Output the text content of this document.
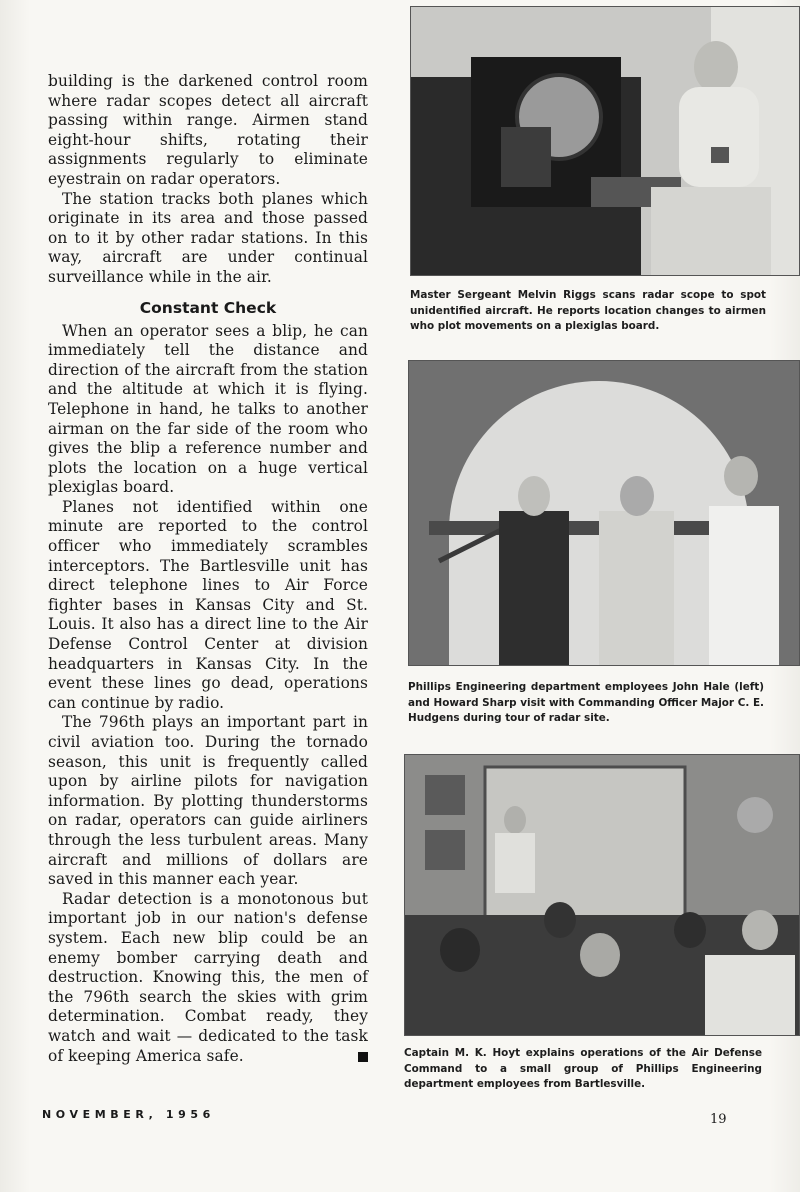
building is the darkened control room where radar scopes detect all aircraft passing within range. Airmen stand eight-hour shifts, rotating their assignments regularly to eliminate eyestrain on radar operators.

The station tracks both planes which originate in its area and those passed on to it by other radar stations. In this way, aircraft are under continual surveillance while in the air.

Constant Check

When an operator sees a blip, he can immediately tell the distance and direction of the aircraft from the station and the altitude at which it is flying. Telephone in hand, he talks to another airman on the far side of the room who gives the blip a reference number and plots the location on a huge vertical plexiglas board.

Planes not identified within one minute are reported to the control officer who immediately scrambles interceptors. The Bartlesville unit has direct telephone lines to Air Force fighter bases in Kansas City and St. Louis. It also has a direct line to the Air Defense Control Center at division headquarters in Kansas City. In the event these lines go dead, operations can continue by radio.

The 796th plays an important part in civil aviation too. During the tornado season, this unit is frequently called upon by airline pilots for navigation information. By plotting thunderstorms on radar, operators can guide airliners through the less turbulent areas. Many aircraft and millions of dollars are saved in this manner each year.

Radar detection is a monotonous but important job in our nation's defense system. Each new blip could be an enemy bomber carrying death and destruction. Knowing this, the men of the 796th search the skies with grim determination. Combat ready, they watch and wait — dedicated to the task of keeping America safe.

Master Sergeant Melvin Riggs scans radar scope to spot unidentified aircraft. He reports location changes to airmen who plot movements on a plexiglas board.
Phillips Engineering department employees John Hale (left) and Howard Sharp visit with Commanding Officer Major C. E. Hudgens during tour of radar site.
Captain M. K. Hoyt explains operations of the Air Defense Command to a small group of Phillips Engineering department employees from Bartlesville.
NOVEMBER, 1956	19
